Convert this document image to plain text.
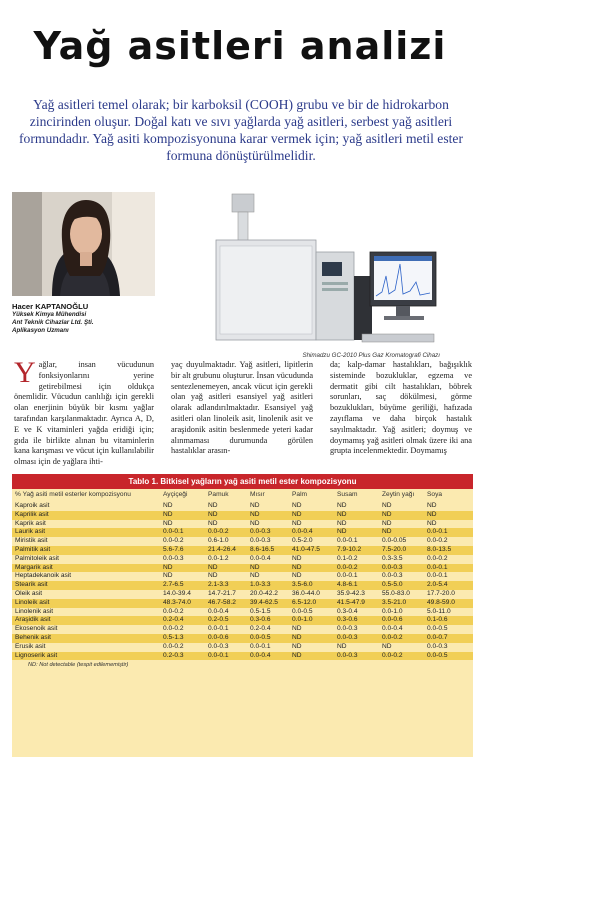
Yağ asitleri analizi

Yağ asitleri temel olarak; bir karboksil (COOH) grubu ve bir de hidrokarbon zincirinden oluşur. Doğal katı ve sıvı yağlarda yağ asitleri, serbest yağ asitleri formundadır. Yağ asiti kompozisyonuna karar vermek için; yağ asitleri metil ester formuna dönüştürülmelidir.

Hacer KAPTANOĞLU
Yüksek Kimya Mühendisi
Ant Teknik Cihazlar Ltd. Şti.
Aplikasyon Uzmanı
Shimadzu GC-2010 Plus Gaz Kromatografi Cihazı
Yağlar, insan vücudunun fonksiyonlarını yerine getirebilmesi için oldukça önemlidir. Vücudun canlılığı için gerekli olan enerjinin büyük bir kısmı yağlar tarafından karşılanmaktadır. Ayrıca A, D, E ve K vitaminleri yağda eridiği için; gıda ile birlikte alınan bu vitaminlerin kana karışması ve vücut için kullanılabilir olması için de yağlara ihti-
yaç duyulmaktadır. Yağ asitleri, lipitlerin bir alt grubunu oluşturur. İnsan vücudunda sentezlenemeyen, ancak vücut için gerekli olan yağ asitleri esansiyel yağ asitleri olarak adlandırılmaktadır. Esansiyel yağ asitleri olan linoleik asit, linolenik asit ve araşidonik asitin beslenmede yeteri kadar alınmaması durumunda görülen hastalıklar arasın-
da; kalp-damar hastalıkları, bağışıklık sisteminde bozukluklar, egzema ve dermatit gibi cilt hastalıkları, böbrek sorunları, saç dökülmesi, görme bozuklukları, büyüme geriliği, hafızada zayıflama ve daha birçok hastalık sayılmaktadır. Yağ asitleri; doymuş ve doymamış yağ asitleri olmak üzere iki ana grupta incelenmektedir. Doymamış
Tablo 1. Bitkisel yağların yağ asiti metil ester kompozisyonu
% Yağ asiti metil esterler kompozisyonu	Ayçiçeği	Pamuk	Mısır	Palm	Susam	Zeytin yağı	Soya
Kaproik asit	ND	ND	ND	ND	ND	ND	ND
Kaprilik asit	ND	ND	ND	ND	ND	ND	ND
Kaprik asit	ND	ND	ND	ND	ND	ND	ND
Laurik asit	0.0-0.1	0.0-0.2	0.0-0.3	0.0-0.4	ND	ND	0.0-0.1
Miristik asit	0.0-0.2	0.6-1.0	0.0-0.3	0.5-2.0	0.0-0.1	0.0-0.05	0.0-0.2
Palmitik asit	5.6-7.6	21.4-26.4	8.6-16.5	41.0-47.5	7.9-10.2	7.5-20.0	8.0-13.5
Palmitoleik asit	0.0-0.3	0.0-1.2	0.0-0.4	ND	0.1-0.2	0.3-3.5	0.0-0.2
Margarik asit	ND	ND	ND	ND	0.0-0.2	0.0-0.3	0.0-0.1
Heptadekanoik asit	ND	ND	ND	ND	0.0-0.1	0.0-0.3	0.0-0.1
Stearik asit	2.7-6.5	2.1-3.3	1.0-3.3	3.5-6.0	4.8-6.1	0.5-5.0	2.0-5.4
Oleik asit	14.0-39.4	14.7-21.7	20.0-42.2	36.0-44.0	35.9-42.3	55.0-83.0	17.7-20.0
Linoleik asit	48.3-74.0	46.7-58.2	39.4-62.5	6.5-12.0	41.5-47.9	3.5-21.0	49.8-59.0
Linolenik asit	0.0-0.2	0.0-0.4	0.5-1.5	0.0-0.5	0.3-0.4	0.0-1.0	5.0-11.0
Araşidik asit	0.2-0.4	0.2-0.5	0.3-0.6	0.0-1.0	0.3-0.6	0.0-0.6	0.1-0.6
Ekosenoik asit	0.0-0.2	0.0-0.1	0.2-0.4	ND	0.0-0.3	0.0-0.4	0.0-0.5
Behenik asit	0.5-1.3	0.0-0.6	0.0-0.5	ND	0.0-0.3	0.0-0.2	0.0-0.7
Erusik asit	0.0-0.2	0.0-0.3	0.0-0.1	ND	ND	ND	0.0-0.3
Lignoserik asit	0.2-0.3	0.0-0.1	0.0-0.4	ND	0.0-0.3	0.0-0.2	0.0-0.5
ND: Not detectable (tespit edilememiştir)
